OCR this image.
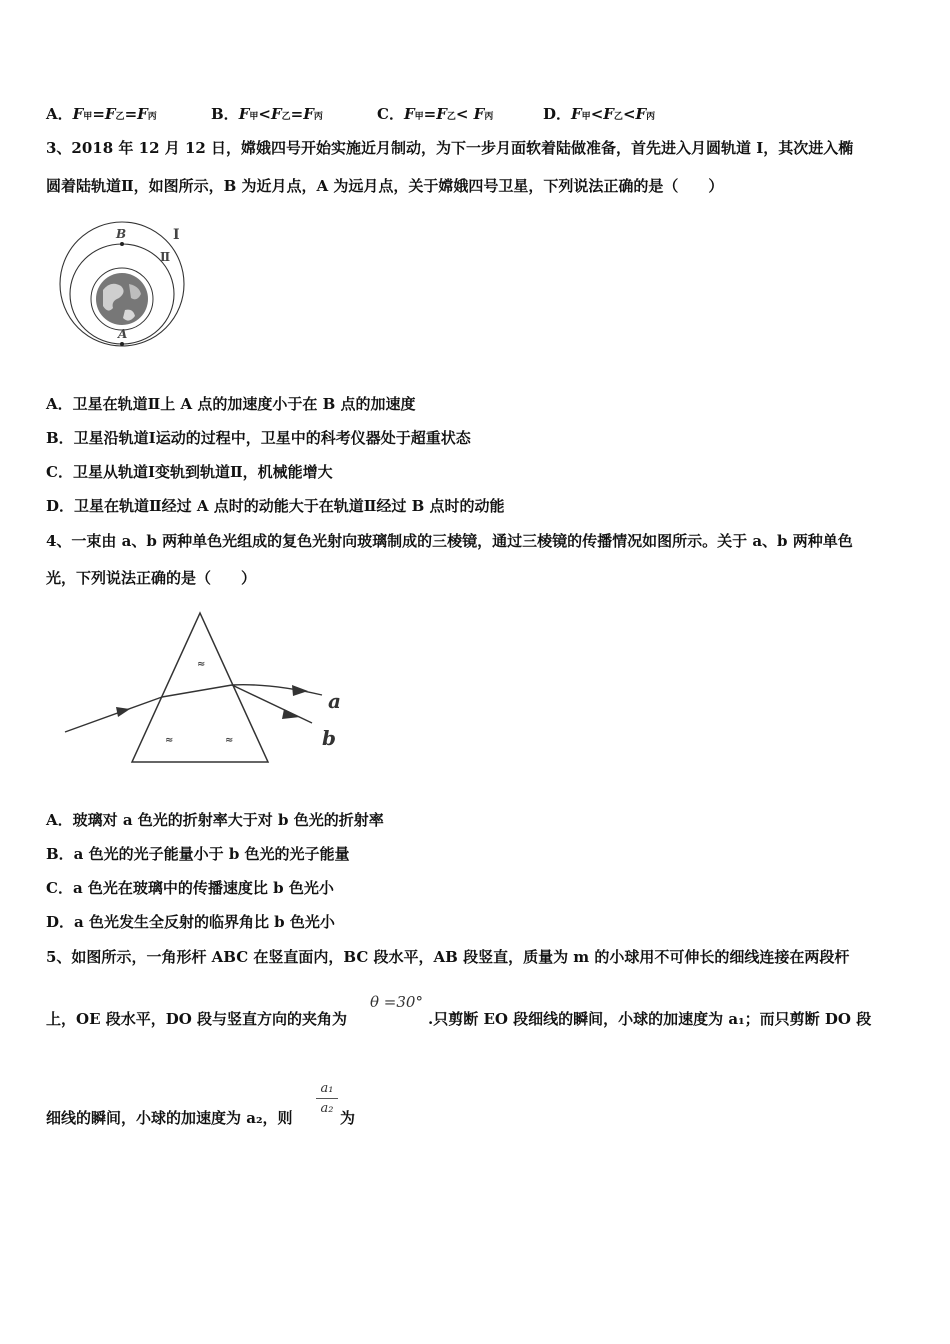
A．F甲=F乙=F丙	B．F甲<F乙=F丙	C．F甲=F乙< F丙	D．F甲<F乙<F丙
3、2018 年 12 月 12 日，嫦娥四号开始实施近月制动，为下一步月面软着陆做准备，首先进入月圆轨道 Ⅰ，其次进入椭
圆着陆轨道Ⅱ，如图所示，B 为近月点，A 为远月点，关于嫦娥四号卫星，下列说法正确的是（　　）
B
A
Ⅰ
Ⅱ
A．卫星在轨道Ⅱ上 A 点的加速度小于在 B 点的加速度
B．卫星沿轨道Ⅰ运动的过程中，卫星中的科考仪器处于超重状态
C．卫星从轨道Ⅰ变轨到轨道Ⅱ，机械能增大
D．卫星在轨道Ⅱ经过 A 点时的动能大于在轨道Ⅱ经过 B 点时的动能
4、一束由 a、b 两种单色光组成的复色光射向玻璃制成的三棱镜，通过三棱镜的传播情况如图所示。关于 a、b 两种单色
光，下列说法正确的是（　　）
≈
≈	≈
a
b
A．玻璃对 a 色光的折射率大于对 b 色光的折射率
B．a 色光的光子能量小于 b 色光的光子能量
C．a 色光在玻璃中的传播速度比 b 色光小
D．a 色光发生全反射的临界角比 b 色光小
5、如图所示，一角形杆 ABC 在竖直面内，BC 段水平，AB 段竖直，质量为 m 的小球用不可伸长的细线连接在两段杆
上，OE 段水平，DO 段与竖直方向的夹角为
θ =30°
.只剪断 EO 段细线的瞬间，小球的加速度为 a₁；而只剪断 DO 段
细线的瞬间，小球的加速度为 a₂，则
$\frac{\text{a₁}}{\text{a₂}}$
为
